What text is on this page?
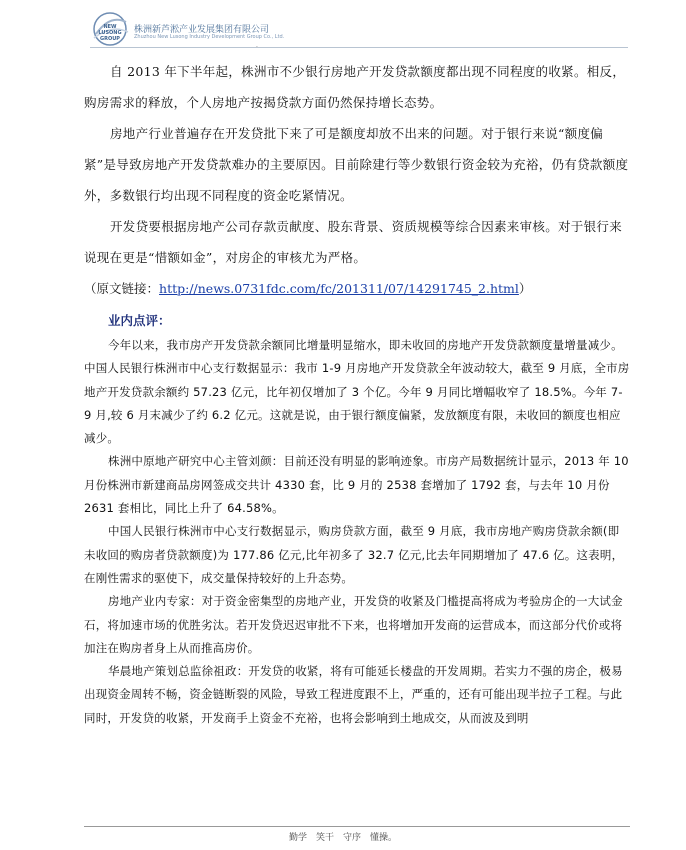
NEW
LUSONG
GROUP
株洲新芦淞产业发展集团有限公司
Zhuzhou New Lusong Industry Development Group Co., Ltd.
.

自 2013 年下半年起，株洲市不少银行房地产开发贷款额度都出现不同程度的收紧。相反，购房需求的释放，个人房地产按揭贷款方面仍然保持增长态势。

房地产行业普遍存在开发贷批下来了可是额度却放不出来的问题。对于银行来说“额度偏紧”是导致房地产开发贷款难办的主要原因。目前除建行等少数银行资金较为充裕，仍有贷款额度外，多数银行均出现不同程度的资金吃紧情况。

开发贷要根据房地产公司存款贡献度、股东背景、资质规模等综合因素来审核。对于银行来说现在更是“惜额如金”，对房企的审核尤为严格。

（原文链接：http://news.0731fdc.com/fc/201311/07/14291745_2.html）

业内点评：

今年以来，我市房产开发贷款余额同比增量明显缩水，即未收回的房地产开发贷款额度量增量减少。中国人民银行株洲市中心支行数据显示：我市 1-9 月房地产开发贷款全年波动较大，截至 9 月底，全市房地产开发贷款余额约 57.23 亿元，比年初仅增加了 3 个亿。今年 9 月同比增幅收窄了 18.5%。今年 7-9 月,较 6 月末减少了约 6.2 亿元。这就是说，由于银行额度偏紧，发放额度有限，未收回的额度也相应减少。

株洲中原地产研究中心主管刘颜：目前还没有明显的影响迹象。市房产局数据统计显示，2013 年 10 月份株洲市新建商品房网签成交共计 4330 套，比 9 月的 2538 套增加了 1792 套，与去年 10 月份 2631 套相比，同比上升了 64.58%。

中国人民银行株洲市中心支行数据显示，购房贷款方面，截至 9 月底，我市房地产购房贷款余额(即未收回的购房者贷款额度)为 177.86 亿元,比年初多了 32.7 亿元,比去年同期增加了 47.6 亿。这表明，在刚性需求的驱使下，成交量保持较好的上升态势。

房地产业内专家：对于资金密集型的房地产业，开发贷的收紧及门槛提高将成为考验房企的一大试金石，将加速市场的优胜劣汰。若开发贷迟迟审批不下来，也将增加开发商的运营成本，而这部分代价或将加注在购房者身上从而推高房价。

华晨地产策划总监徐祖政：开发贷的收紧，将有可能延长楼盘的开发周期。若实力不强的房企，极易出现资金周转不畅，资金链断裂的风险，导致工程进度跟不上，严重的，还有可能出现半拉子工程。与此同时，开发贷的收紧，开发商手上资金不充裕，也将会影响到土地成交，从而波及到明

勤学　笑干　守序　懂操。
